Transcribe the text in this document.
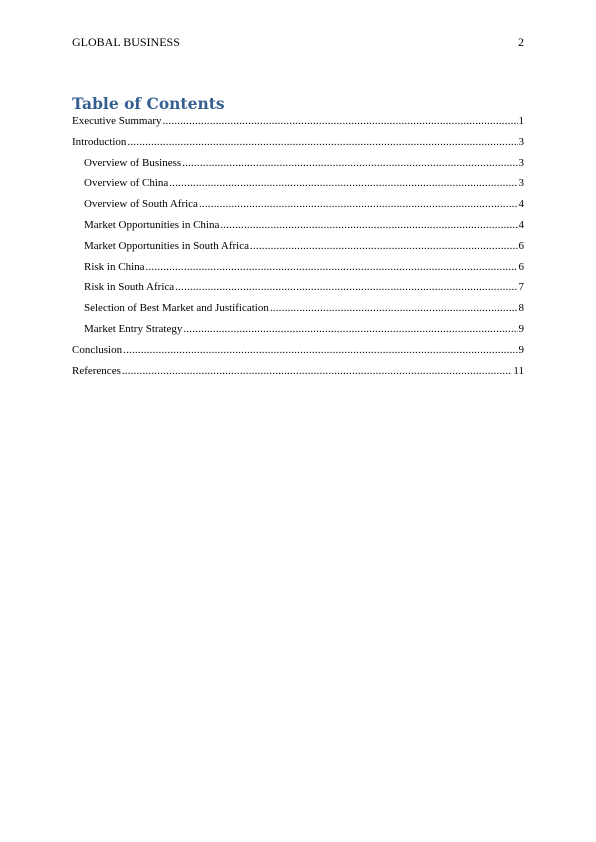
GLOBAL BUSINESS	2
Table of Contents
Executive Summary .....	1
Introduction .....	3
Overview of Business .....	3
Overview of China .....	3
Overview of South Africa .....	4
Market Opportunities in China .....	4
Market Opportunities in South Africa .....	6
Risk in China .....	6
Risk in South Africa .....	7
Selection of Best Market and Justification .....	8
Market Entry Strategy .....	9
Conclusion .....	9
References .....	11
